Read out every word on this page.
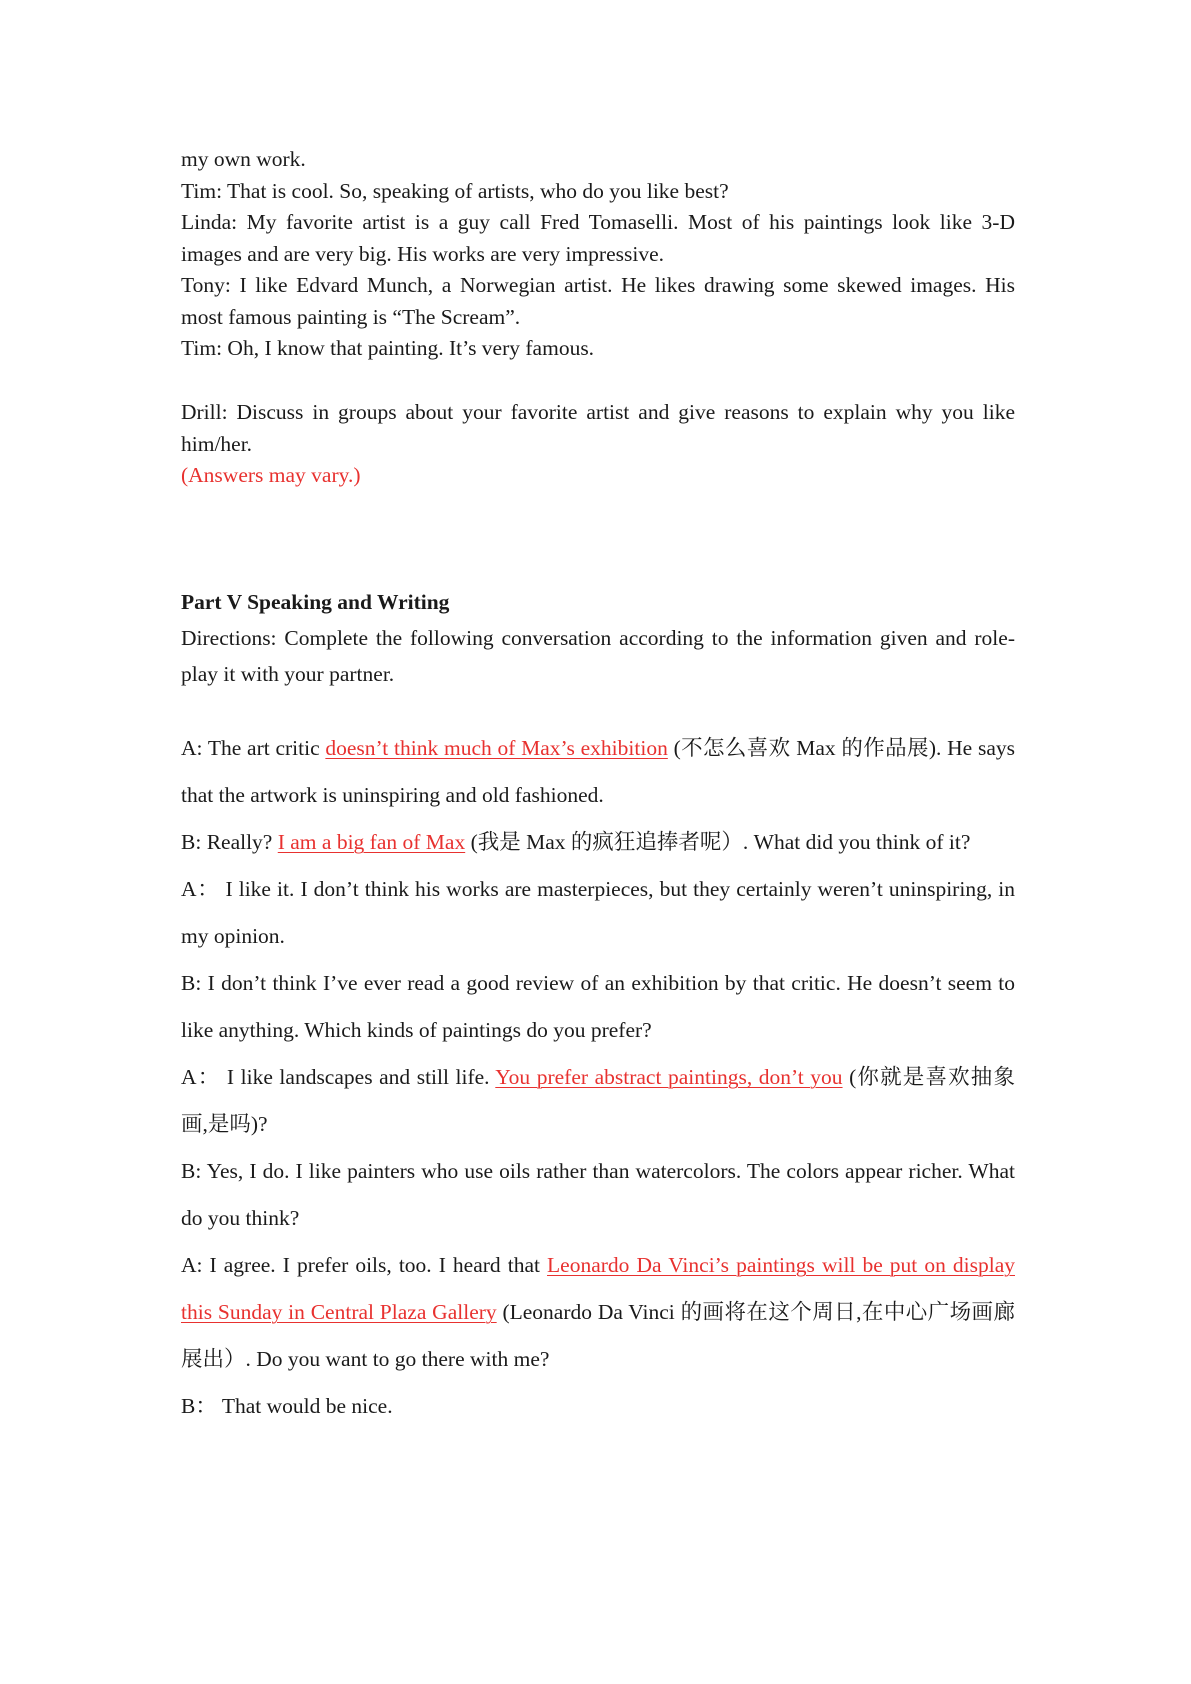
my own work.

Tim: That is cool. So, speaking of artists, who do you like best?

Linda: My favorite artist is a guy call Fred Tomaselli. Most of his paintings look like 3-D images and are very big. His works are very impressive.

Tony: I like Edvard Munch, a Norwegian artist. He likes drawing some skewed images. His most famous painting is “The Scream”.

Tim: Oh, I know that painting. It’s very famous.

Drill: Discuss in groups about your favorite artist and give reasons to explain why you like him/her.

(Answers may vary.)

Part V Speaking and Writing

Directions: Complete the following conversation according to the information given and role-play it with your partner.

A: The art critic doesn’t think much of Max’s exhibition (不怎么喜欢 Max 的作品展). He says that the artwork is uninspiring and old fashioned.

B: Really? I am a big fan of Max (我是 Max 的疯狂追捧者呢）. What did you think of it?

A： I like it. I don’t think his works are masterpieces, but they certainly weren’t uninspiring, in my opinion.

B: I don’t think I’ve ever read a good review of an exhibition by that critic. He doesn’t seem to like anything. Which kinds of paintings do you prefer?

A： I like landscapes and still life. You prefer abstract paintings, don’t you (你就是喜欢抽象画,是吗)?

B: Yes, I do. I like painters who use oils rather than watercolors. The colors appear richer. What do you think?

A: I agree. I prefer oils, too. I heard that Leonardo Da Vinci’s paintings will be put on display this Sunday in Central Plaza Gallery (Leonardo Da Vinci 的画将在这个周日,在中心广场画廊展出）. Do you want to go there with me?

B： That would be nice.
